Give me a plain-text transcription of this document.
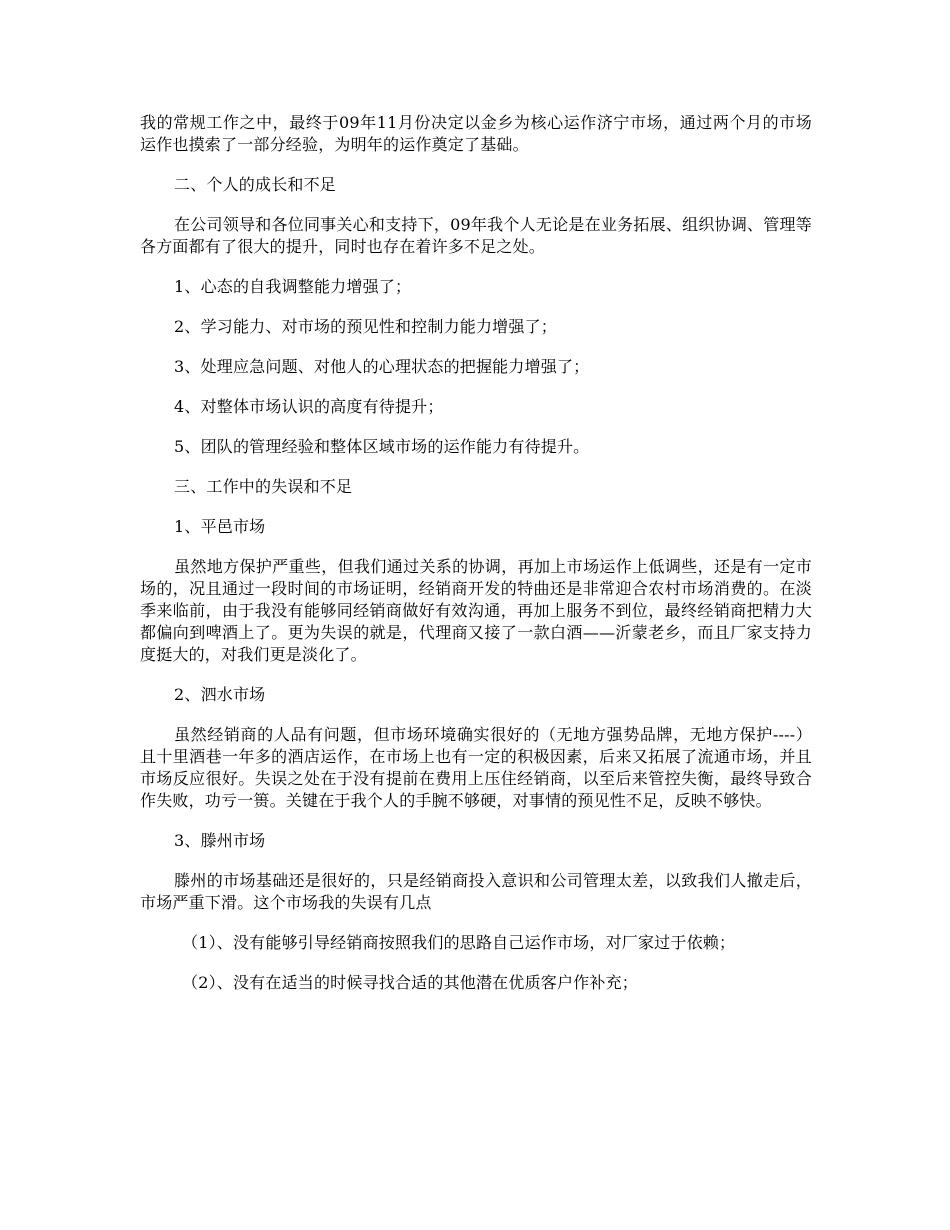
我的常规工作之中，最终于09年11月份决定以金乡为核心运作济宁市场，通过两个月的市场运作也摸索了一部分经验，为明年的运作奠定了基础。

二、个人的成长和不足

在公司领导和各位同事关心和支持下，09年我个人无论是在业务拓展、组织协调、管理等各方面都有了很大的提升，同时也存在着许多不足之处。

1、心态的自我调整能力增强了；

2、学习能力、对市场的预见性和控制力能力增强了；

3、处理应急问题、对他人的心理状态的把握能力增强了；

4、对整体市场认识的高度有待提升；

5、团队的管理经验和整体区域市场的运作能力有待提升。

三、工作中的失误和不足

1、平邑市场

虽然地方保护严重些，但我们通过关系的协调，再加上市场运作上低调些，还是有一定市场的，况且通过一段时间的市场证明，经销商开发的特曲还是非常迎合农村市场消费的。在淡季来临前，由于我没有能够同经销商做好有效沟通，再加上服务不到位，最终经销商把精力大都偏向到啤酒上了。更为失误的就是，代理商又接了一款白酒——沂蒙老乡，而且厂家支持力度挺大的，对我们更是淡化了。

2、泗水市场

虽然经销商的人品有问题，但市场环境确实很好的（无地方强势品牌，无地方保护----）且十里酒巷一年多的酒店运作，在市场上也有一定的积极因素，后来又拓展了流通市场，并且市场反应很好。失误之处在于没有提前在费用上压住经销商，以至后来管控失衡，最终导致合作失败，功亏一篑。关键在于我个人的手腕不够硬，对事情的预见性不足，反映不够快。

3、滕州市场

滕州的市场基础还是很好的，只是经销商投入意识和公司管理太差，以致我们人撤走后，市场严重下滑。这个市场我的失误有几点

（1）、没有能够引导经销商按照我们的思路自己运作市场，对厂家过于依赖；

（2）、没有在适当的时候寻找合适的其他潜在优质客户作补充；
